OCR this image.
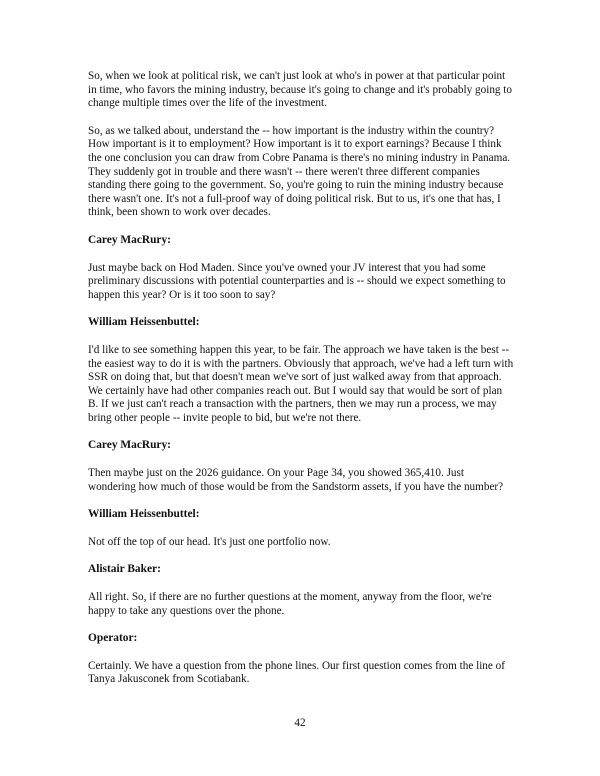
So, when we look at political risk, we can't just look at who's in power at that particular point in time, who favors the mining industry, because it's going to change and it's probably going to change multiple times over the life of the investment.

So, as we talked about, understand the -- how important is the industry within the country? How important is it to employment? How important is it to export earnings? Because I think the one conclusion you can draw from Cobre Panama is there's no mining industry in Panama. They suddenly got in trouble and there wasn't -- there weren't three different companies standing there going to the government. So, you're going to ruin the mining industry because there wasn't one. It's not a full-proof way of doing political risk. But to us, it's one that has, I think, been shown to work over decades.

Carey MacRury:

Just maybe back on Hod Maden. Since you've owned your JV interest that you had some preliminary discussions with potential counterparties and is -- should we expect something to happen this year? Or is it too soon to say?

William Heissenbuttel:

I'd like to see something happen this year, to be fair. The approach we have taken is the best -- the easiest way to do it is with the partners. Obviously that approach, we've had a left turn with SSR on doing that, but that doesn't mean we've sort of just walked away from that approach. We certainly have had other companies reach out. But I would say that would be sort of plan B. If we just can't reach a transaction with the partners, then we may run a process, we may bring other people -- invite people to bid, but we're not there.

Carey MacRury:

Then maybe just on the 2026 guidance. On your Page 34, you showed 365,410. Just wondering how much of those would be from the Sandstorm assets, if you have the number?

William Heissenbuttel:

Not off the top of our head. It's just one portfolio now.

Alistair Baker:

All right. So, if there are no further questions at the moment, anyway from the floor, we're happy to take any questions over the phone.

Operator:

Certainly. We have a question from the phone lines. Our first question comes from the line of Tanya Jakusconek from Scotiabank.

42
